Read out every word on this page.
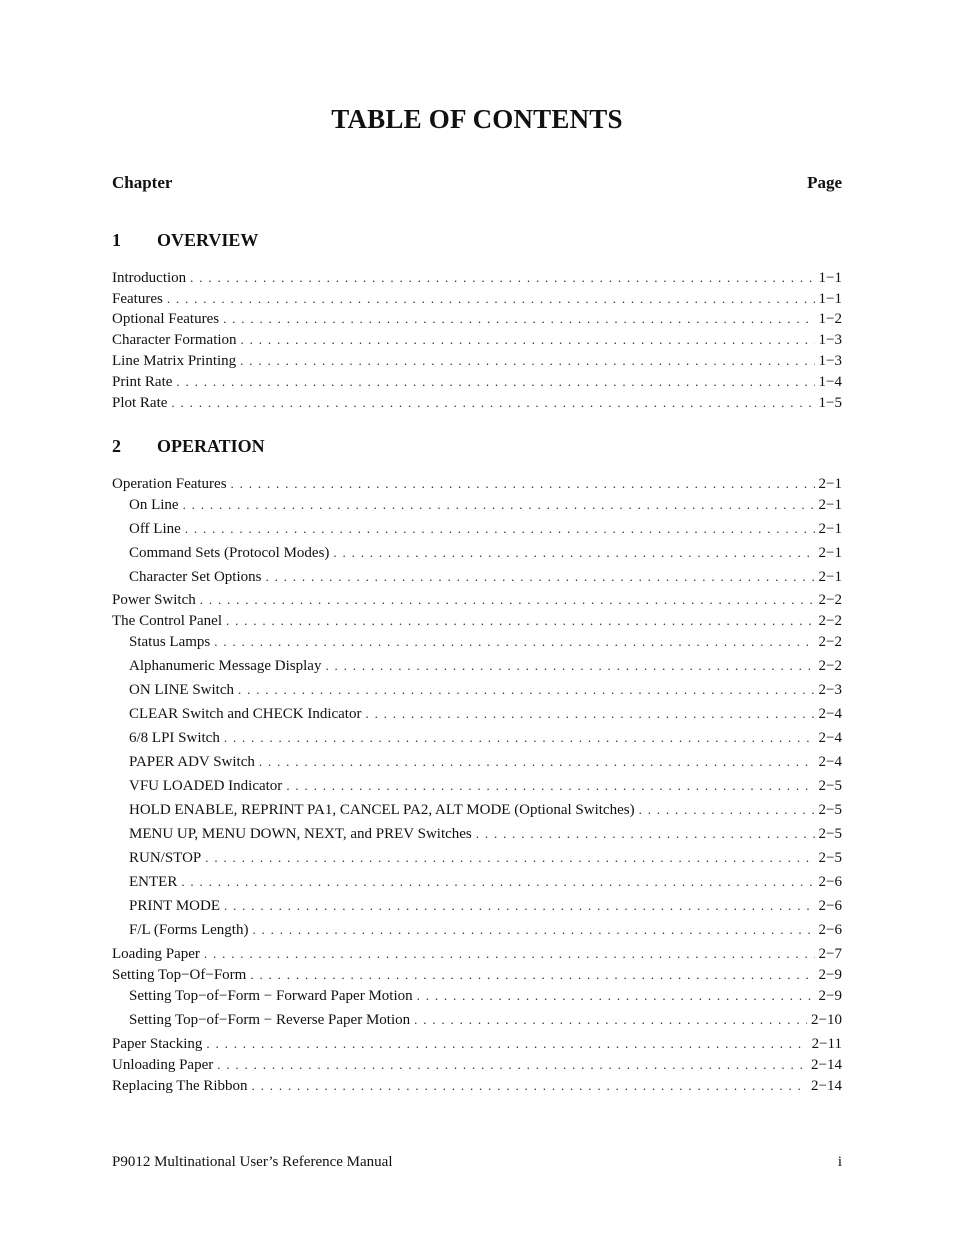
TABLE OF CONTENTS
Chapter	Page
1 OVERVIEW
Introduction . . .	1−1
Features . . .	1−1
Optional Features . . .	1−2
Character Formation . . .	1−3
Line Matrix Printing . . .	1−3
Print Rate . . .	1−4
Plot Rate . . .	1−5
2 OPERATION
Operation Features . . .	2−1
On Line . . .	2−1
Off Line . . .	2−1
Command Sets (Protocol Modes) . . .	2−1
Character Set Options . . .	2−1
Power Switch . . .	2−2
The Control Panel . . .	2−2
Status Lamps . . .	2−2
Alphanumeric Message Display . . .	2−2
ON LINE Switch . . .	2−3
CLEAR Switch and CHECK Indicator . . .	2−4
6/8 LPI Switch . . .	2−4
PAPER ADV Switch . . .	2−4
VFU LOADED Indicator . . .	2−5
HOLD ENABLE, REPRINT PA1, CANCEL PA2, ALT MODE (Optional Switches) . . .	2−5
MENU UP, MENU DOWN, NEXT, and PREV Switches . . .	2−5
RUN/STOP . . .	2−5
ENTER . . .	2−6
PRINT MODE . . .	2−6
F/L (Forms Length) . . .	2−6
Loading Paper . . .	2−7
Setting Top−Of−Form . . .	2−9
Setting Top−of−Form − Forward Paper Motion . . .	2−9
Setting Top−of−Form − Reverse Paper Motion . . .	2−10
Paper Stacking . . .	2−11
Unloading Paper . . .	2−14
Replacing The Ribbon . . .	2−14
P9012 Multinational User’s Reference Manual	i
